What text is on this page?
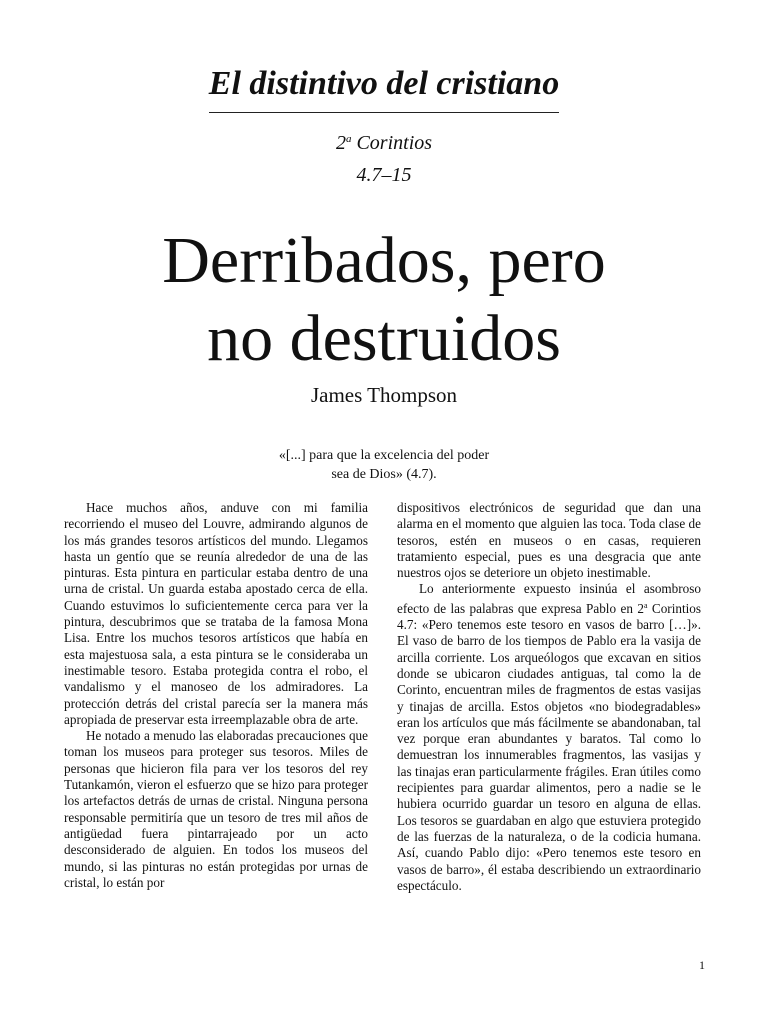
El distintivo del cristiano
2$^a$ Corintios
4.7–15
Derribados, pero
no destruidos
James Thompson
«[...] para que la excelencia del poder
sea de Dios» (4.7).

Hace muchos años, anduve con mi familia recorriendo el museo del Louvre, admirando algunos de los más grandes tesoros artísticos del mundo. Llegamos hasta un gentío que se reunía alrededor de una de las pinturas. Esta pintura en particular estaba dentro de una urna de cristal. Un guarda estaba apostado cerca de ella. Cuando estuvimos lo suficientemente cerca para ver la pintura, descubrimos que se trataba de la famosa Mona Lisa. Entre los muchos tesoros artísticos que había en esta majestuosa sala, a esta pintura se le consideraba un inestimable tesoro. Estaba protegida contra el robo, el vandalismo y el manoseo de los admiradores. La protección detrás del cristal parecía ser la manera más apropiada de preservar esta irreemplazable obra de arte.

He notado a menudo las elaboradas precauciones que toman los museos para proteger sus tesoros. Miles de personas que hicieron fila para ver los tesoros del rey Tutankamón, vieron el esfuerzo que se hizo para proteger los artefactos detrás de urnas de cristal. Ninguna persona responsable permitiría que un tesoro de tres mil años de antigüedad fuera pintarrajeado por un acto desconsiderado de alguien. En todos los museos del mundo, si las pinturas no están protegidas por urnas de cristal, lo están por

dispositivos electrónicos de seguridad que dan una alarma en el momento que alguien las toca. Toda clase de tesoros, estén en museos o en casas, requieren tratamiento especial, pues es una desgracia que ante nuestros ojos se deteriore un objeto inestimable.

Lo anteriormente expuesto insinúa el asombroso efecto de las palabras que expresa Pablo en 2$^a$ Corintios 4.7: «Pero tenemos este tesoro en vasos de barro […]». El vaso de barro de los tiempos de Pablo era la vasija de arcilla corriente. Los arqueólogos que excavan en sitios donde se ubicaron ciudades antiguas, tal como la de Corinto, encuentran miles de fragmentos de estas vasijas y tinajas de arcilla. Estos objetos «no biodegradables» eran los artículos que más fácilmente se abandonaban, tal vez porque eran abundantes y baratos. Tal como lo demuestran los innumerables fragmentos, las vasijas y las tinajas eran particularmente frágiles. Eran útiles como recipientes para guardar alimentos, pero a nadie se le hubiera ocurrido guardar un tesoro en alguna de ellas. Los tesoros se guardaban en algo que estuviera protegido de las fuerzas de la naturaleza, o de la codicia humana. Así, cuando Pablo dijo: «Pero tenemos este tesoro en vasos de barro», él estaba describiendo un extraordinario espectáculo.

1
